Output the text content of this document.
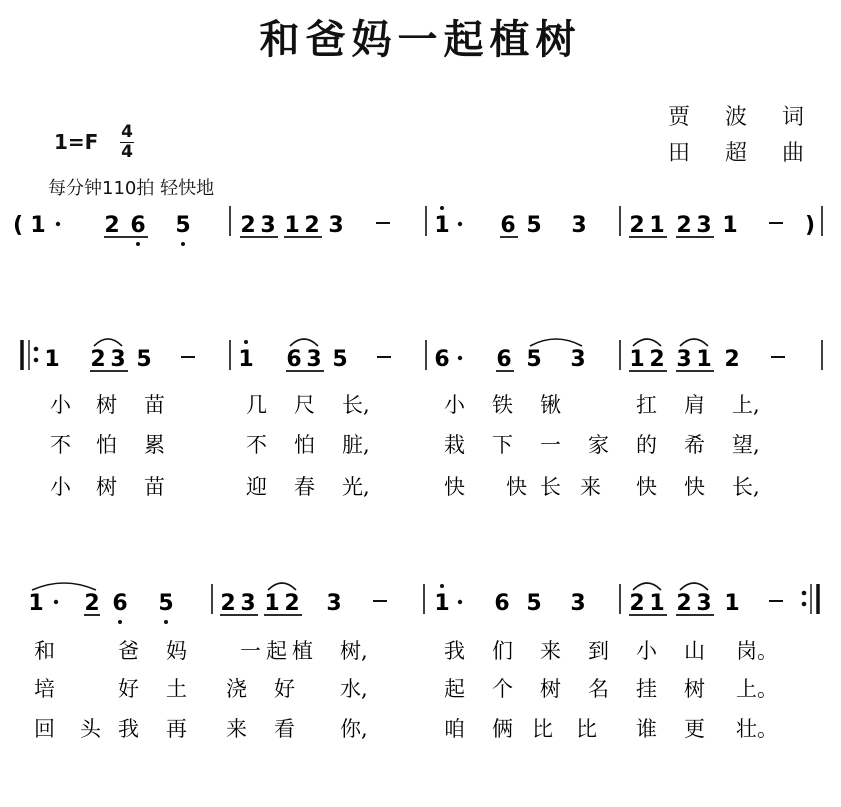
和爸妈一起植树
贾 波 词
田 超 曲
1=F 4
4
每分钟110拍 轻快地
(	)
1	2 6 5 2 3 1 2 3	1 6 5 3 2 1 2 3 1
1 2 3 5	1 6 3 5	6 6 5 3 1 2 3 1 2
小 树 苗	几 尺 长,	小 铁 锹	扛 肩 上,
不 怕 累	不 怕 脏,	栽 下 一 家 的 希 望,
小 树 苗	迎 春 光,	快 快 长 来 快 快 长,
1 2 6 5 2 3 1 2 3	1 6 5 3 2 1 2 3 1
和	爸 妈	一 起 植 树,	我 们 来 到 小 山 岗。
培	好 土 浇 好 水,	起 个 树 名 挂 树 上。
回 头 我 再 来 看 你,	咱 俩 比 比 谁 更 壮。
